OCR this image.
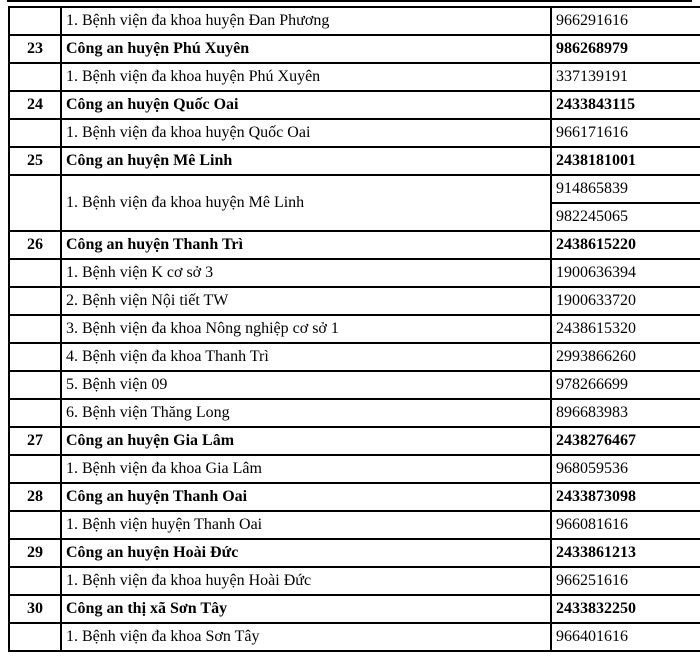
	1. Bệnh viện đa khoa huyện Đan Phương	966291616
23	Công an huyện Phú Xuyên	986268979
	1. Bệnh viện đa khoa huyện Phú Xuyên	337139191
24	Công an huyện Quốc Oai	2433843115
	1. Bệnh viện đa khoa huyện Quốc Oai	966171616
25	Công an huyện Mê Linh	2438181001
	1. Bệnh viện đa khoa huyện Mê Linh	914865839
		982245065
26	Công an huyện Thanh Trì	2438615220
	1. Bệnh viện K cơ sở 3	1900636394
	2. Bệnh viện Nội tiết TW	1900633720
	3. Bệnh viện đa khoa Nông nghiệp cơ sở 1	2438615320
	4. Bệnh viện đa khoa Thanh Trì	2993866260
	5. Bệnh viện 09	978266699
	6. Bệnh viện Thăng Long	896683983
27	Công an huyện Gia Lâm	2438276467
	1. Bệnh viện đa khoa Gia Lâm	968059536
28	Công an huyện Thanh Oai	2433873098
	1. Bệnh viện huyện Thanh Oai	966081616
29	Công an huyện Hoài Đức	2433861213
	1. Bệnh viện đa khoa huyện Hoài Đức	966251616
30	Công an thị xã Sơn Tây	2433832250
	1. Bệnh viện đa khoa Sơn Tây	966401616
